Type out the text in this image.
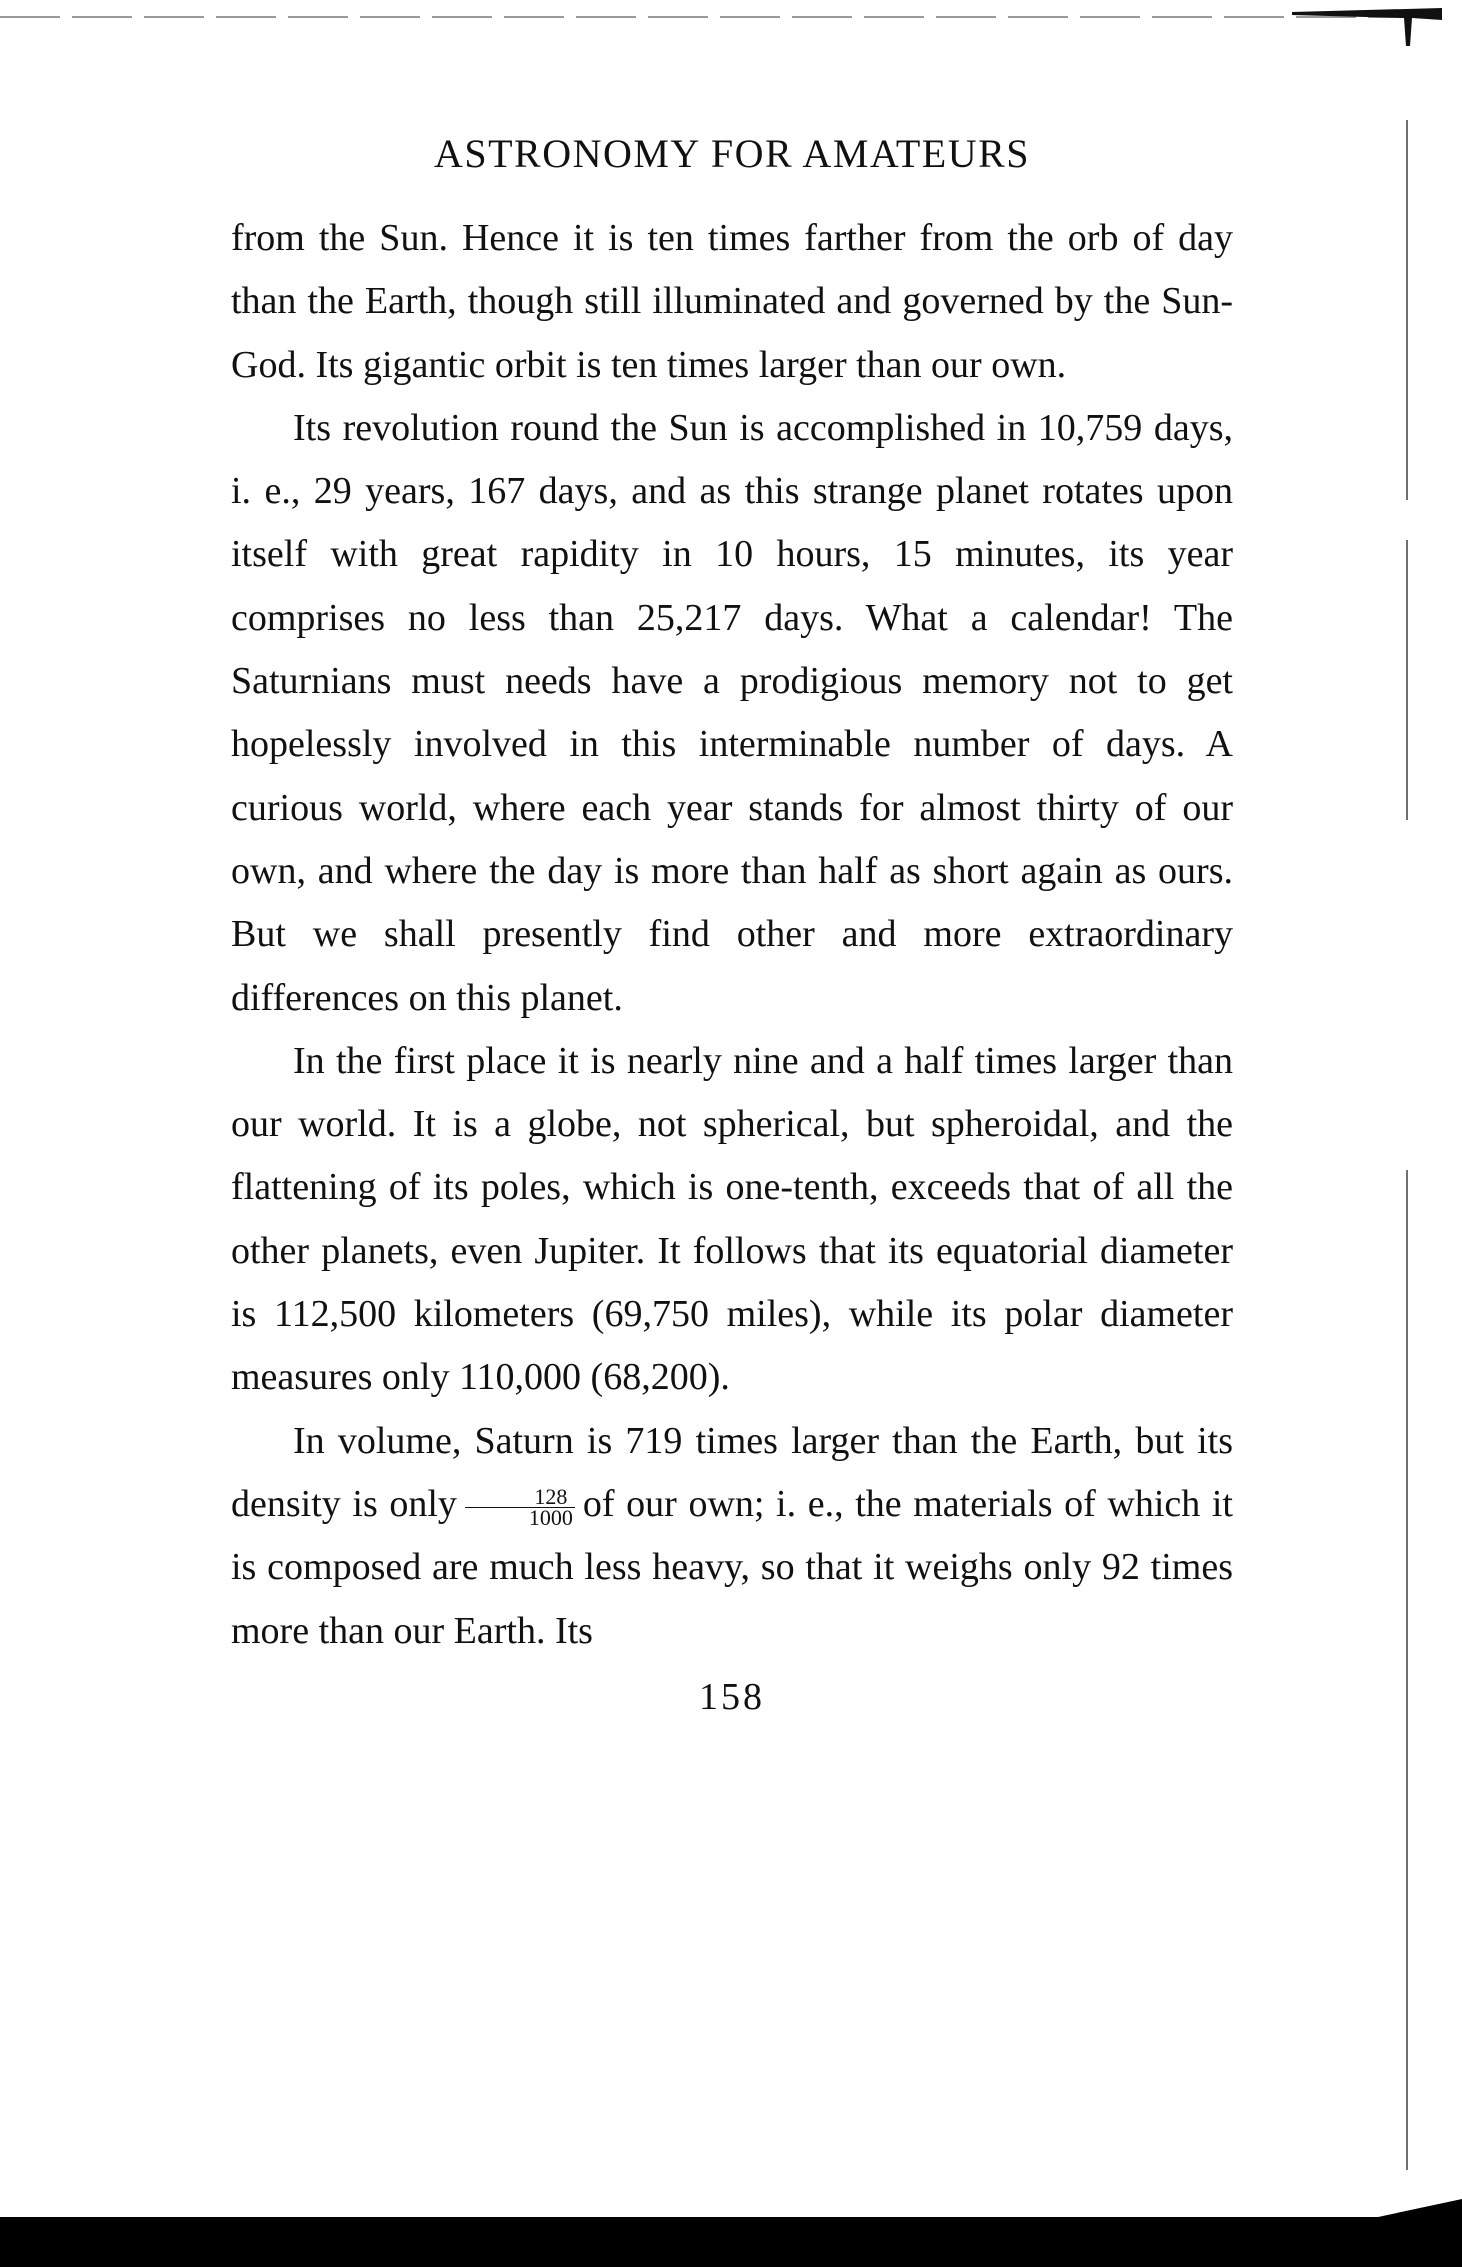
ASTRONOMY FOR AMATEURS

from the Sun. Hence it is ten times farther from the orb of day than the Earth, though still illuminated and governed by the Sun-God. Its gigantic orbit is ten times larger than our own.

Its revolution round the Sun is accomplished in 10,759 days, i. e., 29 years, 167 days, and as this strange planet rotates upon itself with great rapidity in 10 hours, 15 minutes, its year comprises no less than 25,217 days. What a calendar! The Saturnians must needs have a prodigious memory not to get hopelessly involved in this interminable number of days. A curious world, where each year stands for almost thirty of our own, and where the day is more than half as short again as ours. But we shall presently find other and more extraordinary differences on this planet.

In the first place it is nearly nine and a half times larger than our world. It is a globe, not spherical, but spheroidal, and the flattening of its poles, which is one-tenth, exceeds that of all the other planets, even Jupiter. It follows that its equatorial diameter is 112,500 kilometers (69,750 miles), while its polar diameter measures only 110,000 (68,200).

In volume, Saturn is 719 times larger than the Earth, but its density is only $\frac{128}{1000}$ of our own; i. e., the materials of which it is composed are much less heavy, so that it weighs only 92 times more than our Earth. Its

158
